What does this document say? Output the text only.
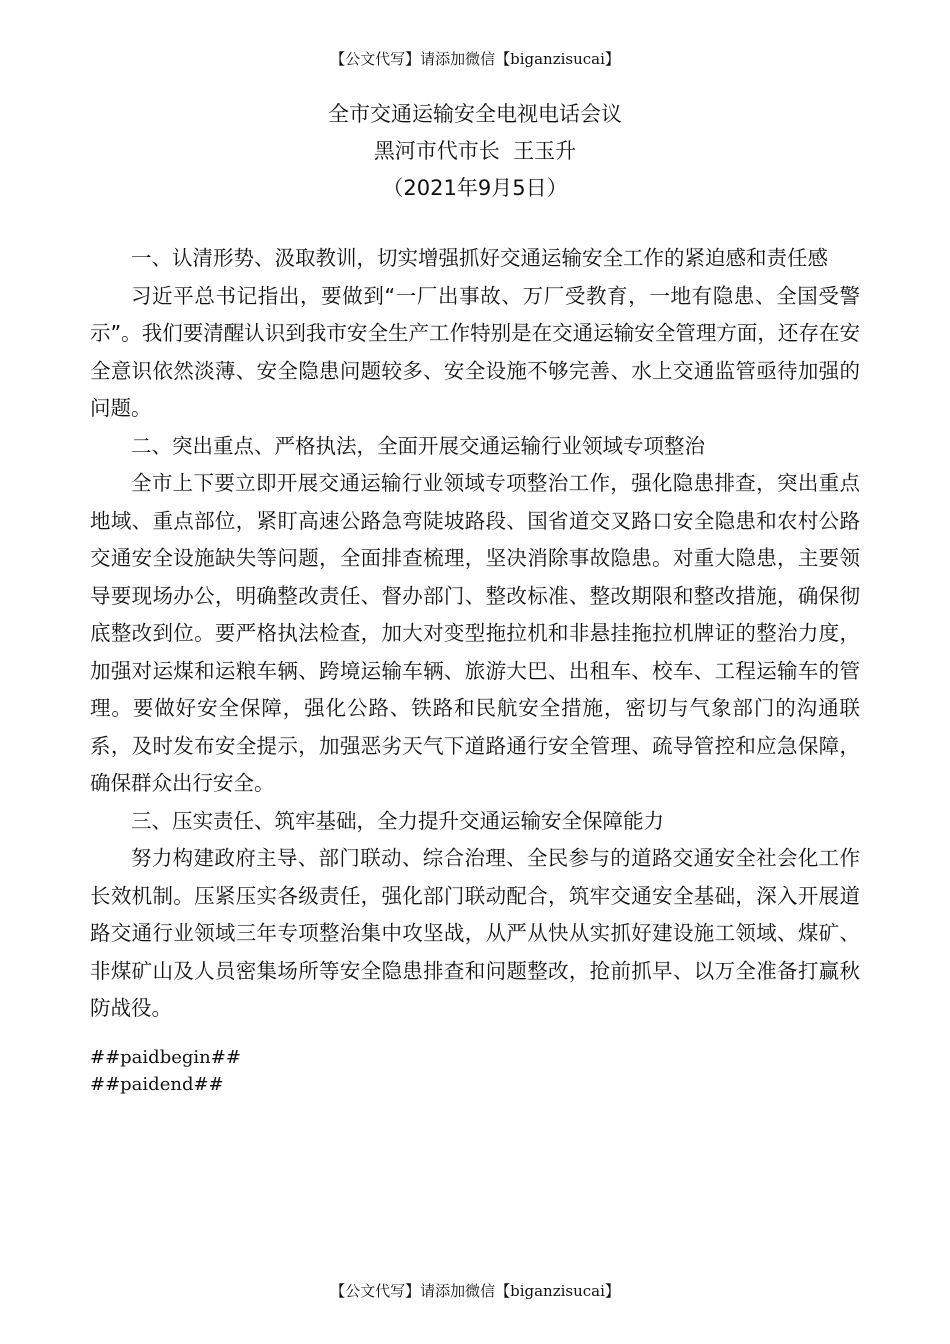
【公文代写】请添加微信【biganzisucai】

全市交通运输安全电视电话会议

黑河市代市长  王玉升

（2021年9月5日）

一、认清形势、汲取教训，切实增强抓好交通运输安全工作的紧迫感和责任感

习近平总书记指出，要做到“一厂出事故、万厂受教育，一地有隐患、全国受警示”。我们要清醒认识到我市安全生产工作特别是在交通运输安全管理方面，还存在安全意识依然淡薄、安全隐患问题较多、安全设施不够完善、水上交通监管亟待加强的问题。

二、突出重点、严格执法，全面开展交通运输行业领域专项整治

全市上下要立即开展交通运输行业领域专项整治工作，强化隐患排查，突出重点地域、重点部位，紧盯高速公路急弯陡坡路段、国省道交叉路口安全隐患和农村公路交通安全设施缺失等问题，全面排查梳理，坚决消除事故隐患。对重大隐患，主要领导要现场办公，明确整改责任、督办部门、整改标准、整改期限和整改措施，确保彻底整改到位。要严格执法检查，加大对变型拖拉机和非悬挂拖拉机牌证的整治力度，加强对运煤和运粮车辆、跨境运输车辆、旅游大巴、出租车、校车、工程运输车的管理。要做好安全保障，强化公路、铁路和民航安全措施，密切与气象部门的沟通联系，及时发布安全提示，加强恶劣天气下道路通行安全管理、疏导管控和应急保障，确保群众出行安全。

三、压实责任、筑牢基础，全力提升交通运输安全保障能力

努力构建政府主导、部门联动、综合治理、全民参与的道路交通安全社会化工作长效机制。压紧压实各级责任，强化部门联动配合，筑牢交通安全基础，深入开展道路交通行业领域三年专项整治集中攻坚战，从严从快从实抓好建设施工领域、煤矿、非煤矿山及人员密集场所等安全隐患排查和问题整改，抢前抓早、以万全准备打赢秋防战役。

##paidbegin##

##paidend##

【公文代写】请添加微信【biganzisucai】
